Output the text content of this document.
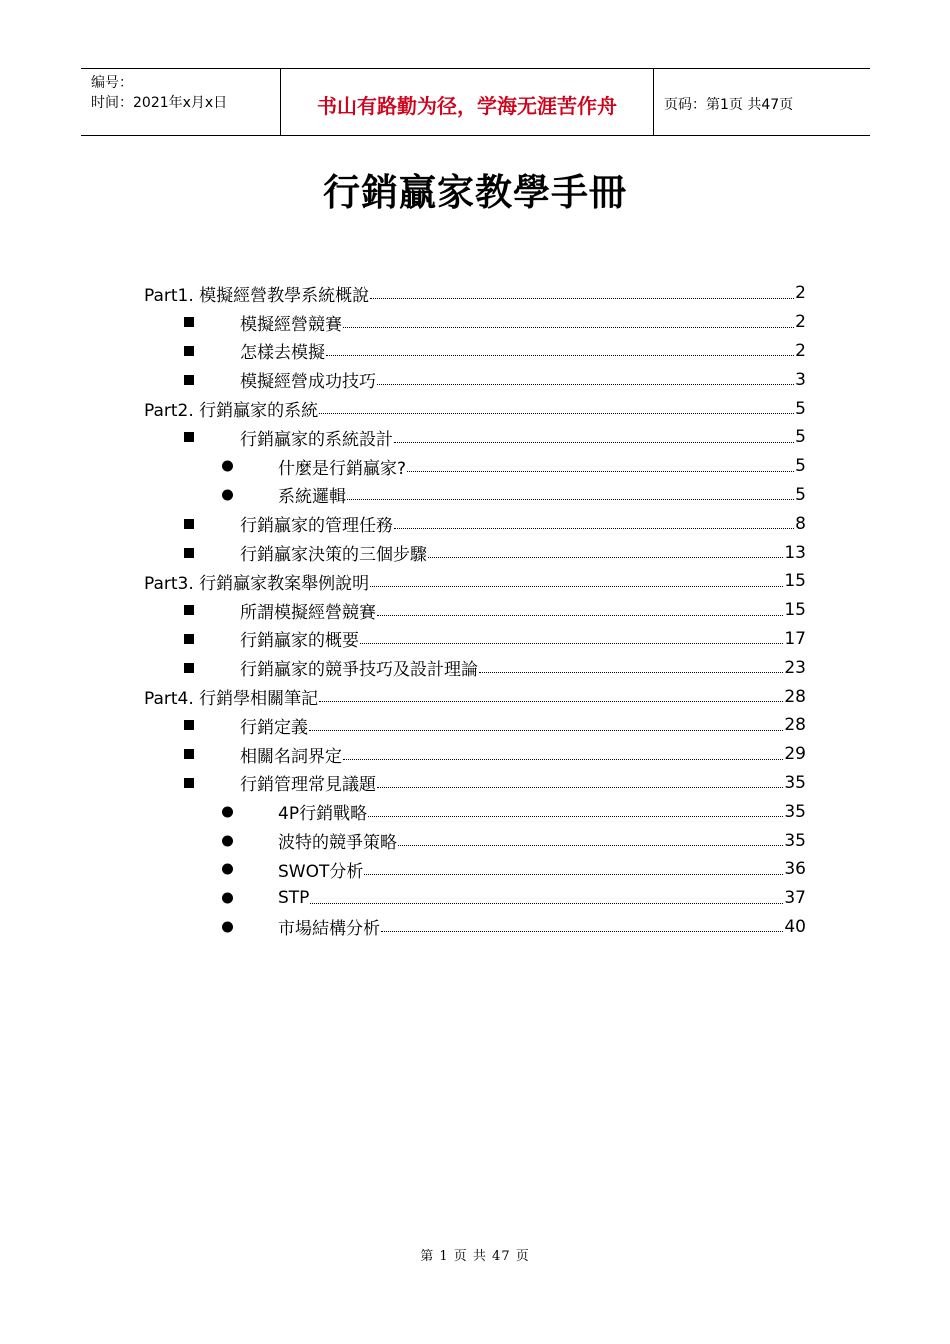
编号：
时间：2021年x月x日	书山有路勤为径，学海无涯苦作舟	页码：第1页 共47页
行銷贏家教學手冊
Part1. 模擬經營教學系統概說	2
模擬經營競賽	2
怎樣去模擬	2
模擬經營成功技巧	3
Part2. 行銷贏家的系統	5
行銷贏家的系統設計	5
什麼是行銷贏家?	5
系統邏輯	5
行銷贏家的管理任務	8
行銷贏家決策的三個步驟	13
Part3. 行銷贏家教案舉例說明	15
所謂模擬經營競賽	15
行銷贏家的概要	17
行銷贏家的競爭技巧及設計理論	23
Part4. 行銷學相關筆記	28
行銷定義	28
相關名詞界定	29
行銷管理常見議題	35
4P行銷戰略	35
波特的競爭策略	35
SWOT分析	36
STP	37
市場結構分析	40
第 1 页 共 47 页
